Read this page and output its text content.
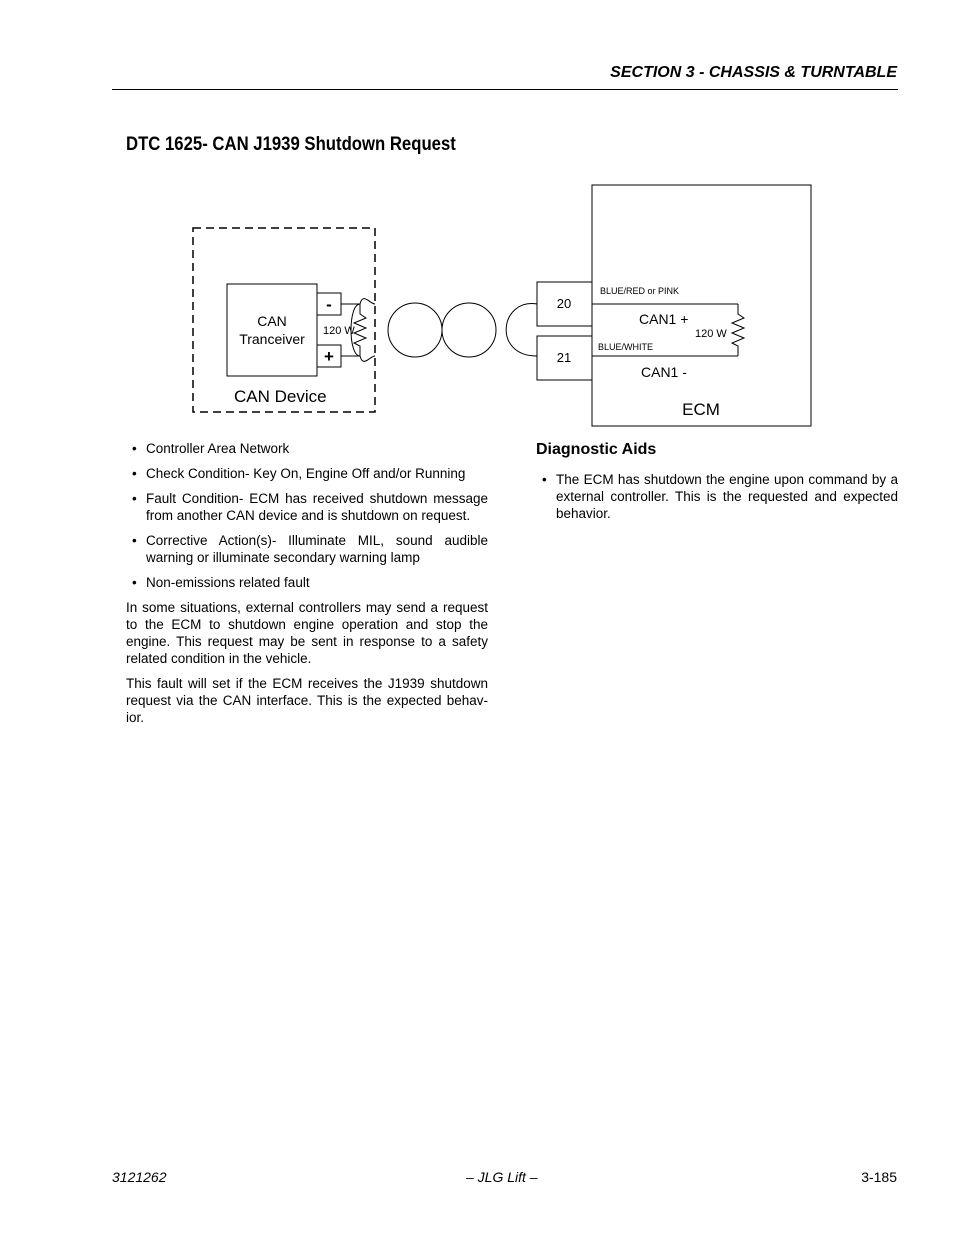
SECTION 3 - CHASSIS & TURNTABLE
DTC 1625- CAN J1939 Shutdown Request
CAN
Tranceiver
-
+
CAN Device
120 W
20
21
BLUE/RED or PINK
CAN1 +
BLUE/WHITE
CAN1 -
120 W
ECM
• Controller Area Network
• Check Condition- Key On, Engine Off and/or Running
• Fault Condition- ECM has received shutdown message from another CAN device and is shutdown on request.
• Corrective Action(s)- Illuminate MIL, sound audible warning or illuminate secondary warning lamp
• Non-emissions related fault

In some situations, external controllers may send a request to the ECM to shutdown engine operation and stop the engine. This request may be sent in response to a safety related condition in the vehicle.

This fault will set if the ECM receives the J1939 shutdown request via the CAN interface. This is the expected behav-ior.

Diagnostic Aids
• The ECM has shutdown the engine upon command by a external controller. This is the requested and expected behavior.
3121262	– JLG Lift –	3-185
